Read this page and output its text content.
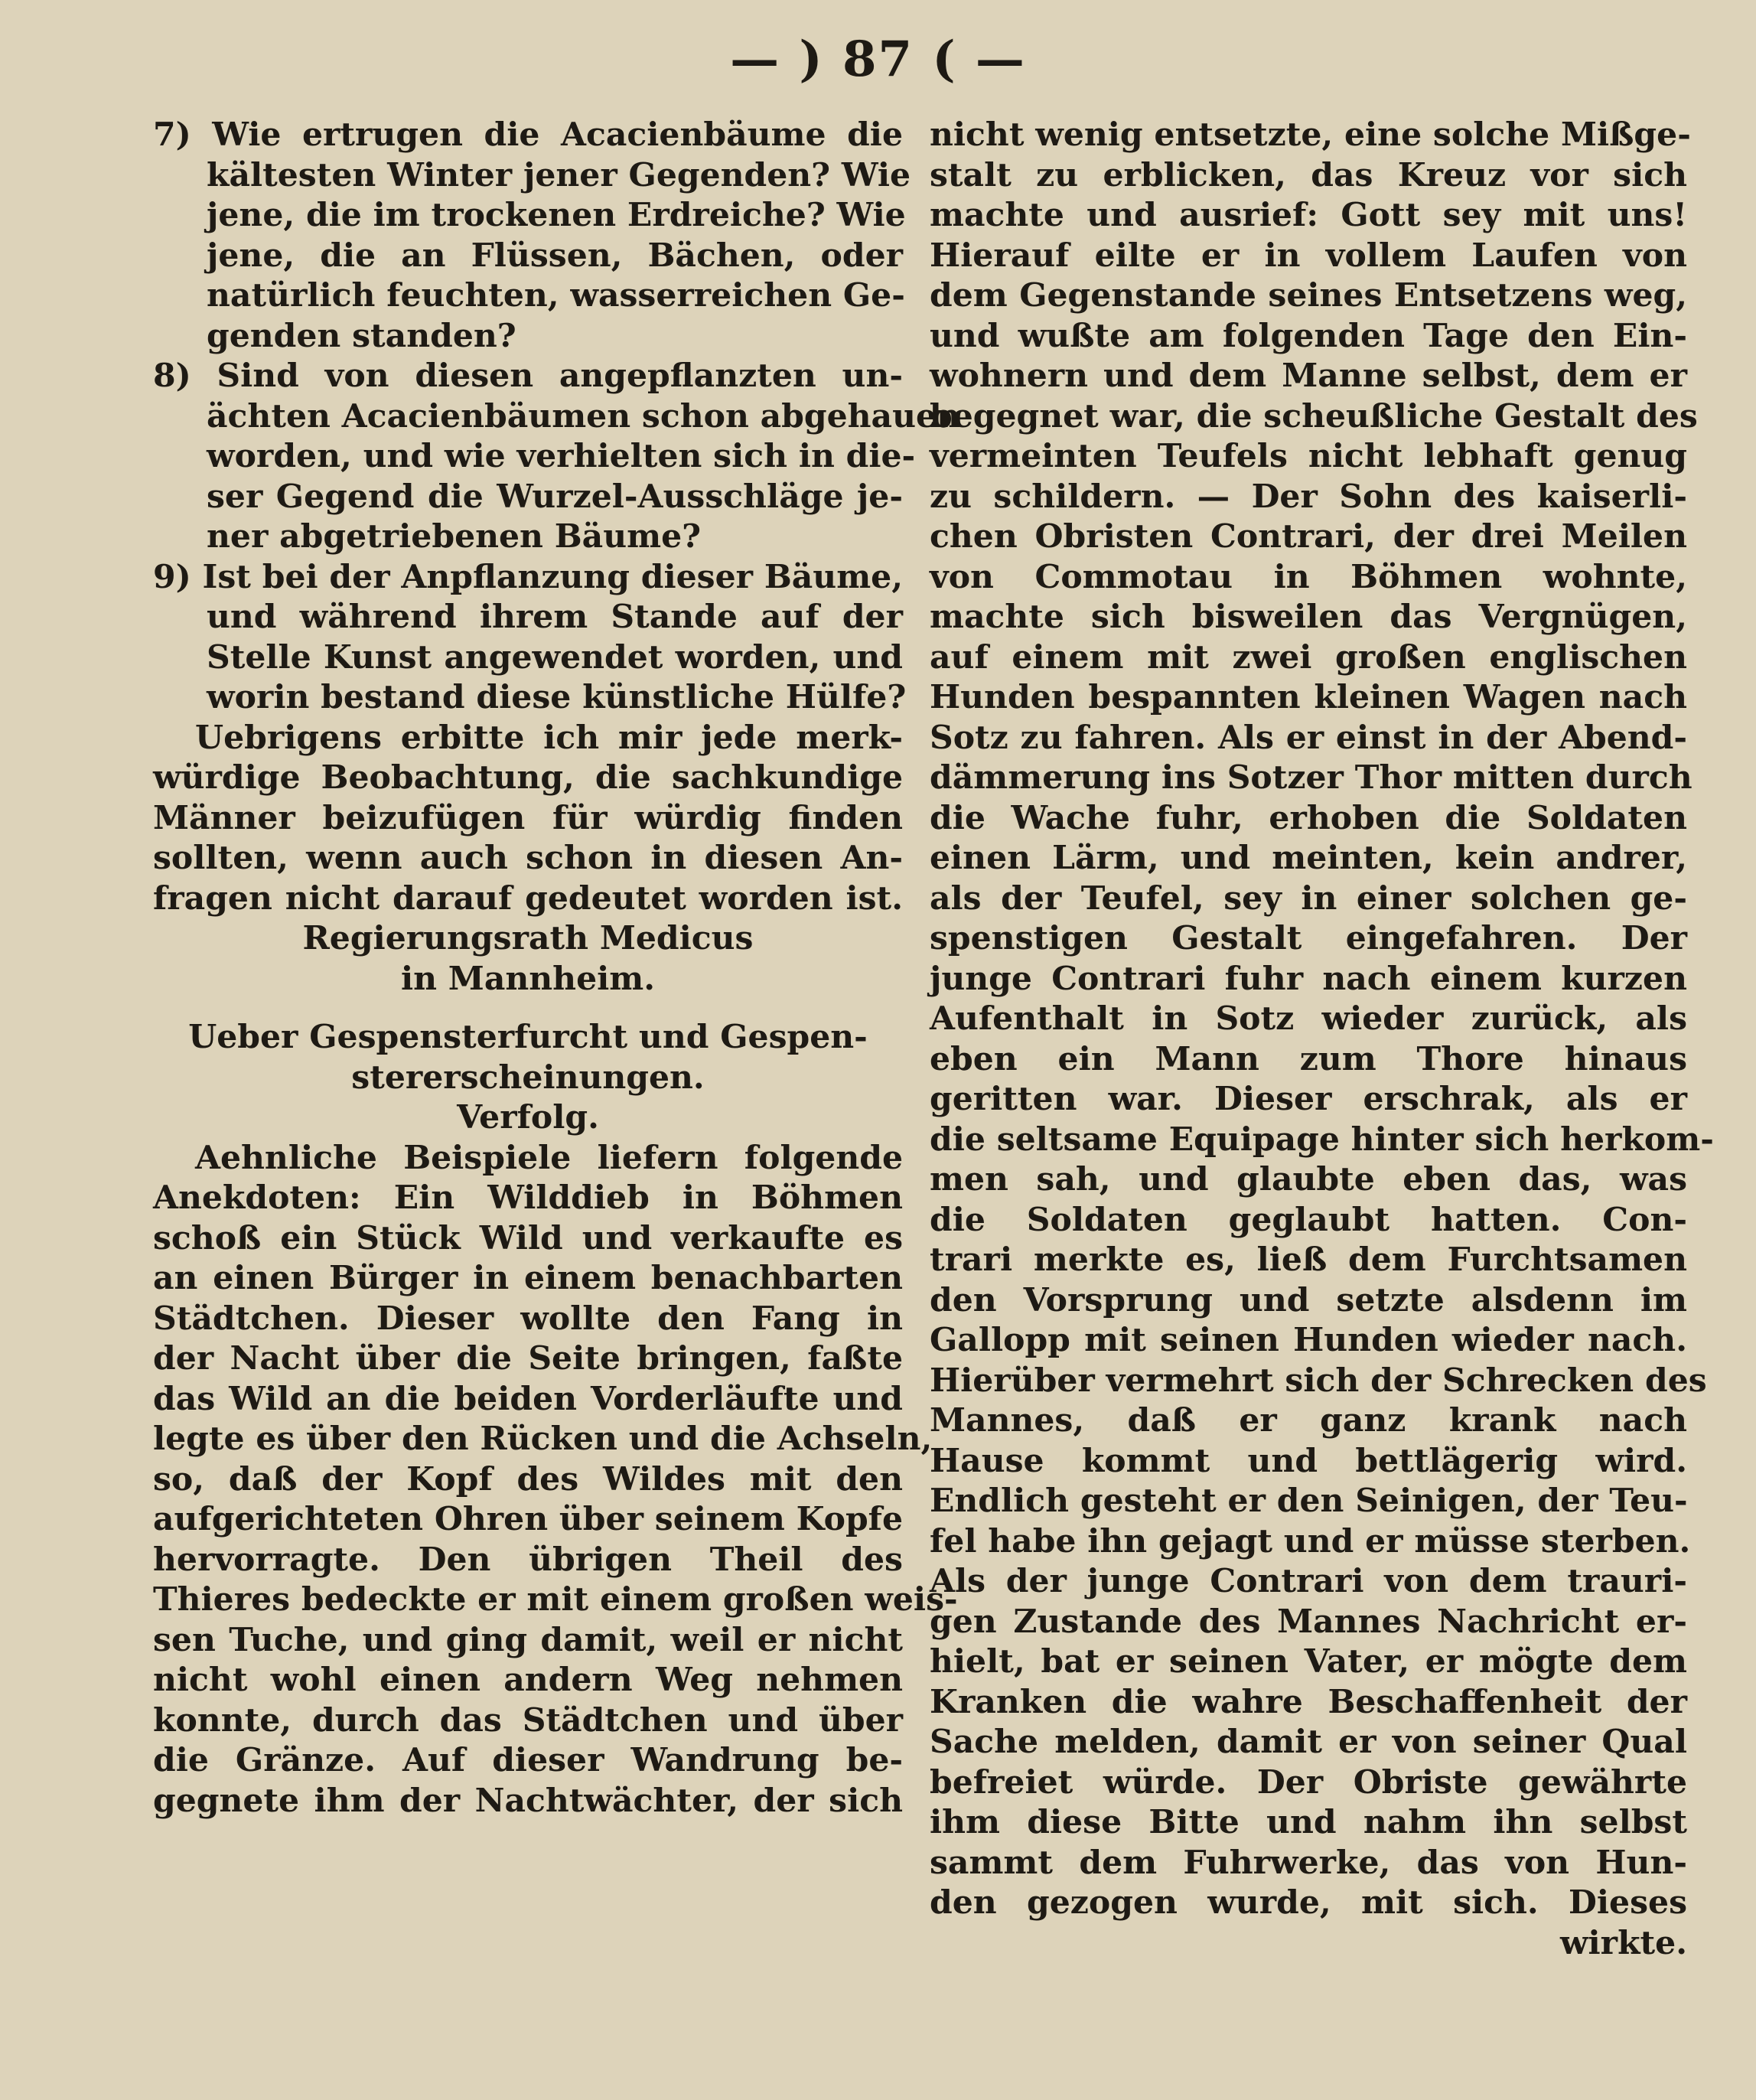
— ) 87 ( —
7) Wie ertrugen die Acacienbäume die
kältesten Winter jener Gegenden? Wie
jene, die im trockenen Erdreiche? Wie
jene, die an Flüssen, Bächen, oder
natürlich feuchten, wasserreichen Ge-
genden standen?
8) Sind von diesen angepflanzten un-
ächten Acacienbäumen schon abgehauen
worden, und wie verhielten sich in die-
ser Gegend die Wurzel-Ausschläge je-
ner abgetriebenen Bäume?
9) Ist bei der Anpflanzung dieser Bäume,
und während ihrem Stande auf der
Stelle Kunst angewendet worden, und
worin bestand diese künstliche Hülfe?
Uebrigens erbitte ich mir jede merk-
würdige Beobachtung, die sachkundige
Männer beizufügen für würdig finden
sollten, wenn auch schon in diesen An-
fragen nicht darauf gedeutet worden ist.
Regierungsrath Medicus
in Mannheim.
Ueber Gespensterfurcht und Gespen-
stererscheinungen.
Verfolg.
Aehnliche Beispiele liefern folgende
Anekdoten: Ein Wilddieb in Böhmen
schoß ein Stück Wild und verkaufte es
an einen Bürger in einem benachbarten
Städtchen. Dieser wollte den Fang in
der Nacht über die Seite bringen, faßte
das Wild an die beiden Vorderläufte und
legte es über den Rücken und die Achseln,
so, daß der Kopf des Wildes mit den
aufgerichteten Ohren über seinem Kopfe
hervorragte. Den übrigen Theil des
Thieres bedeckte er mit einem großen weis-
sen Tuche, und ging damit, weil er nicht
nicht wohl einen andern Weg nehmen
konnte, durch das Städtchen und über
die Gränze. Auf dieser Wandrung be-
gegnete ihm der Nachtwächter, der sich
nicht wenig entsetzte, eine solche Mißge-
stalt zu erblicken, das Kreuz vor sich
machte und ausrief: Gott sey mit uns!
Hierauf eilte er in vollem Laufen von
dem Gegenstande seines Entsetzens weg,
und wußte am folgenden Tage den Ein-
wohnern und dem Manne selbst, dem er
begegnet war, die scheußliche Gestalt des
vermeinten Teufels nicht lebhaft genug
zu schildern. — Der Sohn des kaiserli-
chen Obristen Contrari, der drei Meilen
von Commotau in Böhmen wohnte,
machte sich bisweilen das Vergnügen,
auf einem mit zwei großen englischen
Hunden bespannten kleinen Wagen nach
Sotz zu fahren. Als er einst in der Abend-
dämmerung ins Sotzer Thor mitten durch
die Wache fuhr, erhoben die Soldaten
einen Lärm, und meinten, kein andrer,
als der Teufel, sey in einer solchen ge-
spenstigen Gestalt eingefahren. Der
junge Contrari fuhr nach einem kurzen
Aufenthalt in Sotz wieder zurück, als
eben ein Mann zum Thore hinaus
geritten war. Dieser erschrak, als er
die seltsame Equipage hinter sich herkom-
men sah, und glaubte eben das, was
die Soldaten geglaubt hatten. Con-
trari merkte es, ließ dem Furchtsamen
den Vorsprung und setzte alsdenn im
Gallopp mit seinen Hunden wieder nach.
Hierüber vermehrt sich der Schrecken des
Mannes, daß er ganz krank nach
Hause kommt und bettlägerig wird.
Endlich gesteht er den Seinigen, der Teu-
fel habe ihn gejagt und er müsse sterben.
Als der junge Contrari von dem trauri-
gen Zustande des Mannes Nachricht er-
hielt, bat er seinen Vater, er mögte dem
Kranken die wahre Beschaffenheit der
Sache melden, damit er von seiner Qual
befreiet würde. Der Obriste gewährte
ihm diese Bitte und nahm ihn selbst
sammt dem Fuhrwerke, das von Hun-
den gezogen wurde, mit sich. Dieses
wirkte.
